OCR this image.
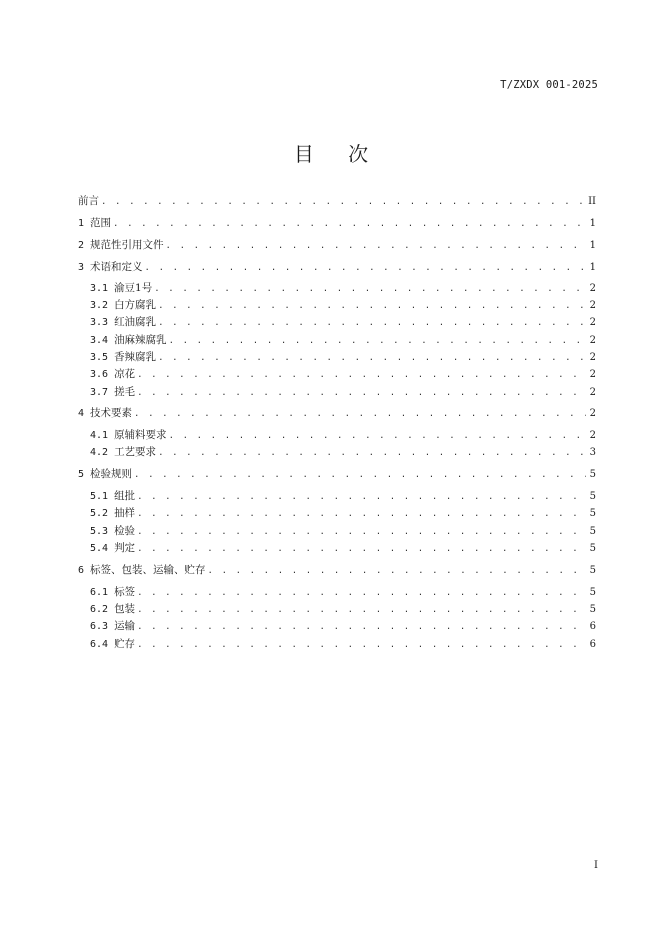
T/ZXDX 001-2025
目 次
前言 . . .	II
1 范围 . . .	1
2 规范性引用文件 . . .	1
3 术语和定义 . . .	1
3.1 渝豆1号 . . .	2
3.2 白方腐乳 . . .	2
3.3 红油腐乳 . . .	2
3.4 油麻辣腐乳 . . .	2
3.5 香辣腐乳 . . .	2
3.6 凉花 . . .	2
3.7 搓毛 . . .	2
4 技术要素 . . .	2
4.1 原辅料要求 . . .	2
4.2 工艺要求 . . .	3
5 检验规则 . . .	5
5.1 组批 . . .	5
5.2 抽样 . . .	5
5.3 检验 . . .	5
5.4 判定 . . .	5
6 标签、包装、运输、贮存 . . .	5
6.1 标签 . . .	5
6.2 包装 . . .	5
6.3 运输 . . .	6
6.4 贮存 . . .	6
I
